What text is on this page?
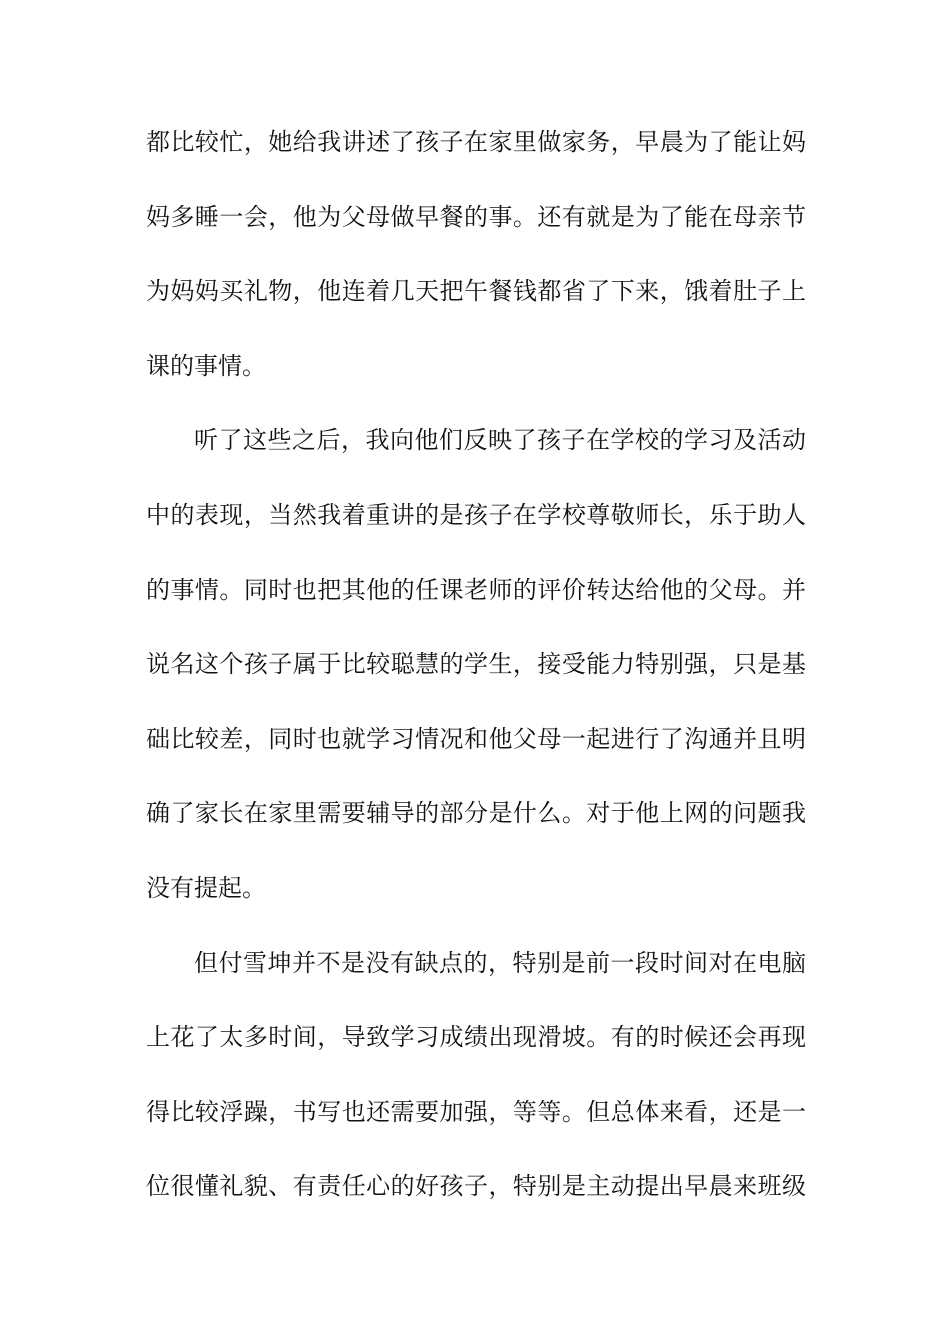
都比较忙，她给我讲述了孩子在家里做家务，早晨为了能让妈
妈多睡一会，他为父母做早餐的事。还有就是为了能在母亲节
为妈妈买礼物，他连着几天把午餐钱都省了下来，饿着肚子上
课的事情。
听了这些之后，我向他们反映了孩子在学校的学习及活动
中的表现，当然我着重讲的是孩子在学校尊敬师长，乐于助人
的事情。同时也把其他的任课老师的评价转达给他的父母。并
说名这个孩子属于比较聪慧的学生，接受能力特别强，只是基
础比较差，同时也就学习情况和他父母一起进行了沟通并且明
确了家长在家里需要辅导的部分是什么。对于他上网的问题我
没有提起。
但付雪坤并不是没有缺点的，特别是前一段时间对在电脑
上花了太多时间，导致学习成绩出现滑坡。有的时候还会再现
得比较浮躁，书写也还需要加强，等等。但总体来看，还是一
位很懂礼貌、有责任心的好孩子，特别是主动提出早晨来班级
